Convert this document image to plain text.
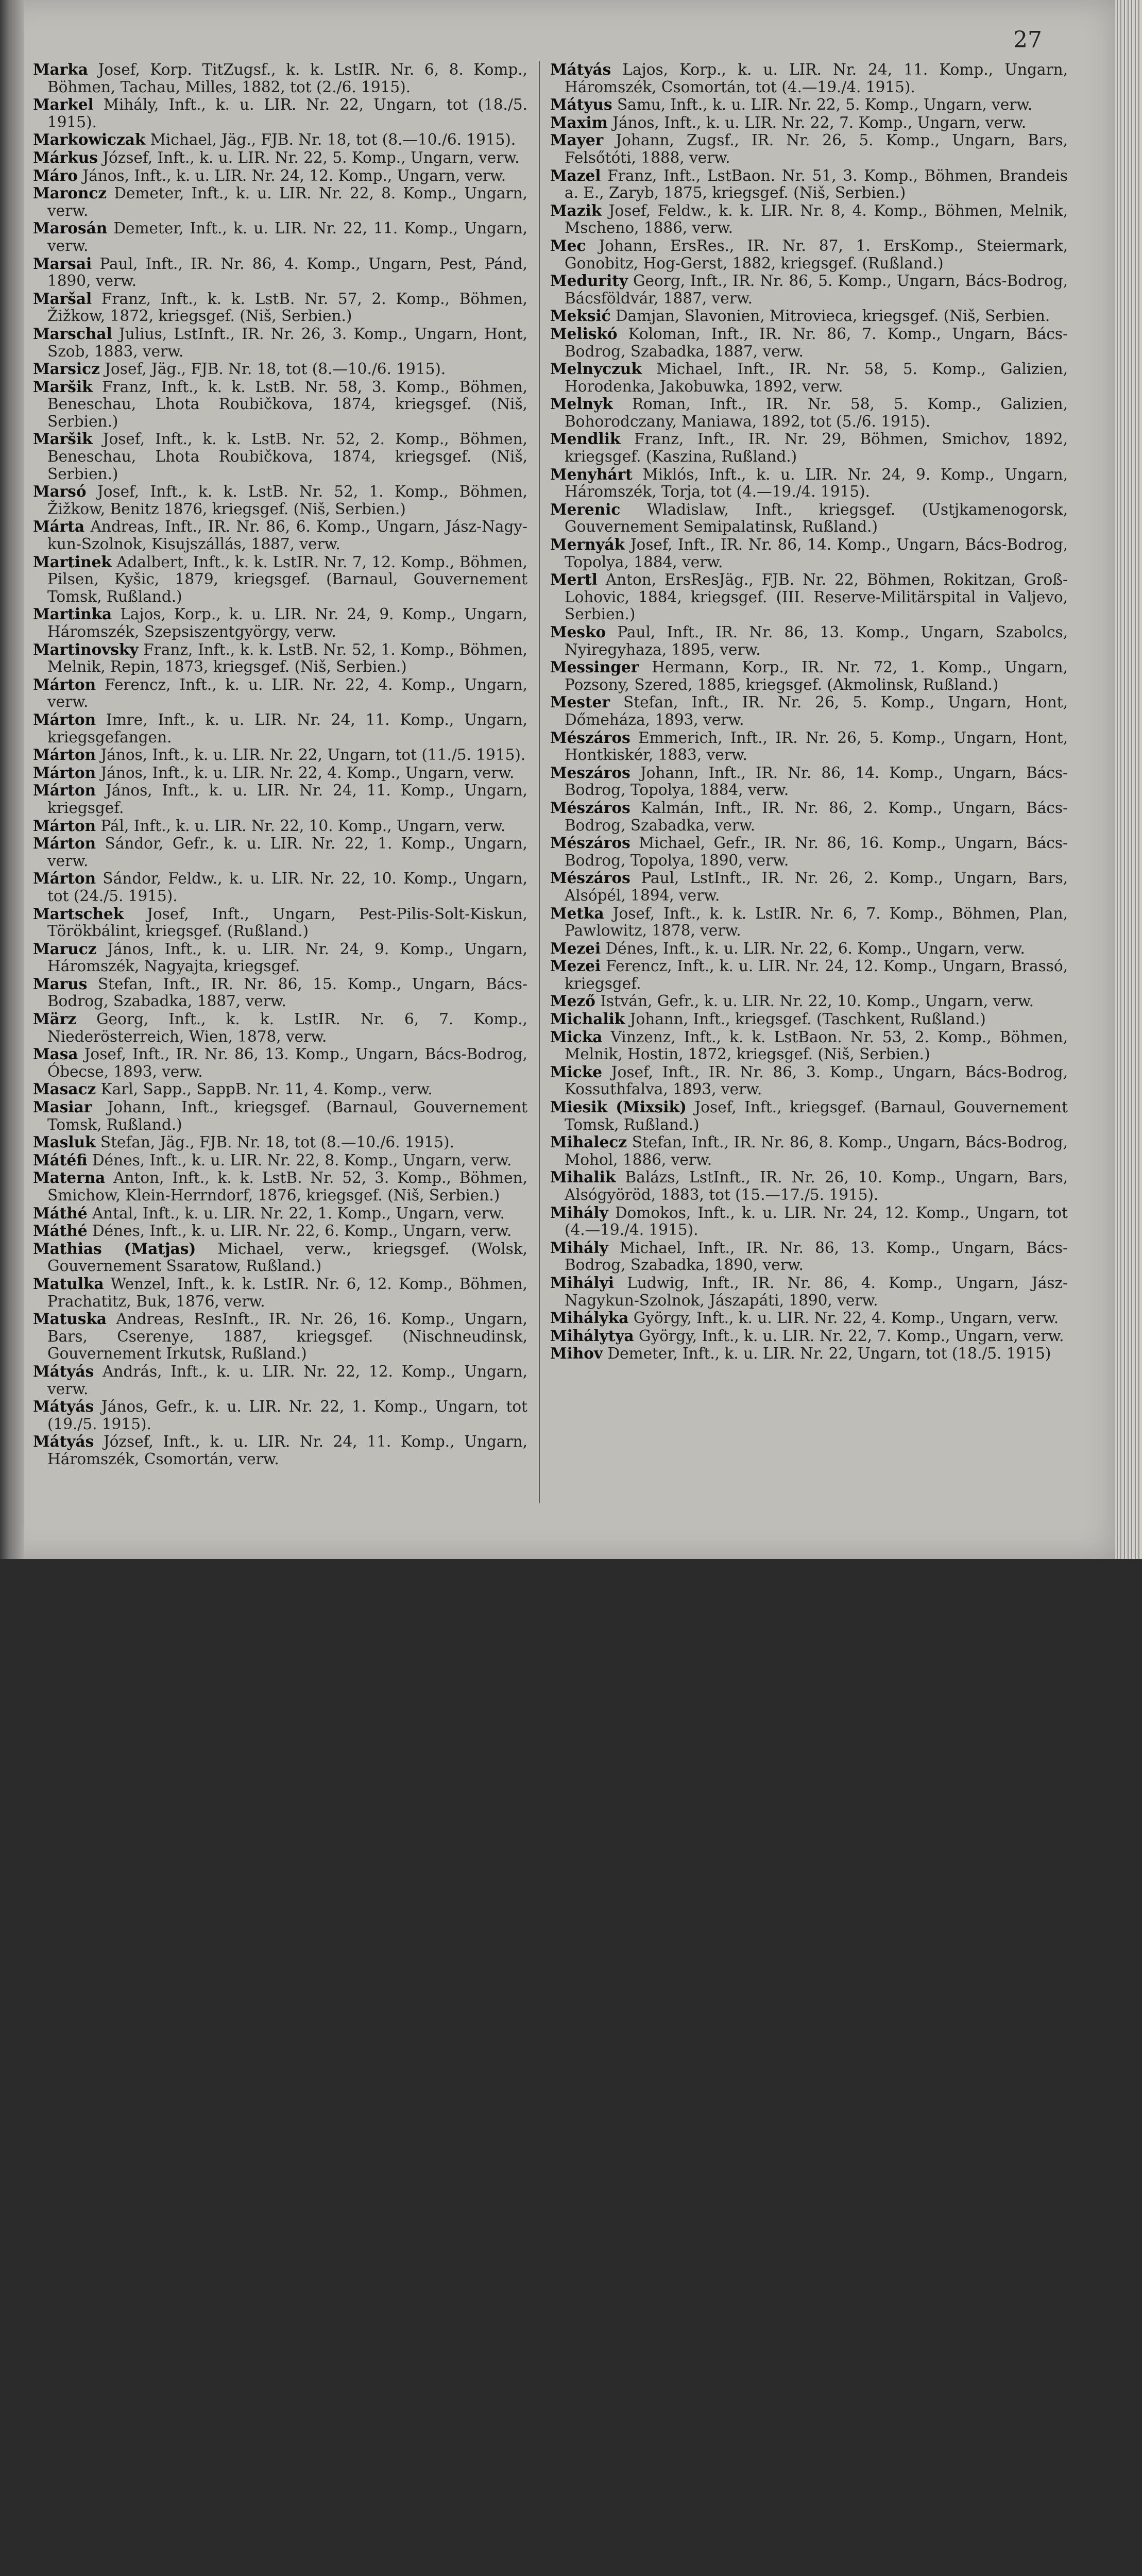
27

Marka Josef, Korp. TitZugsf., k. k. LstIR. Nr. 6, 8. Komp., Böhmen, Tachau, Milles, 1882, tot (2./6. 1915).

Markel Mihály, Inft., k. u. LIR. Nr. 22, Ungarn, tot (18./5. 1915).

Markowiczak Michael, Jäg., FJB. Nr. 18, tot (8.—10./6. 1915).

Márkus József, Inft., k. u. LIR. Nr. 22, 5. Komp., Ungarn, verw.

Máro János, Inft., k. u. LIR. Nr. 24, 12. Komp., Ungarn, verw.

Maroncz Demeter, Inft., k. u. LIR. Nr. 22, 8. Komp., Ungarn, verw.

Marosán Demeter, Inft., k. u. LIR. Nr. 22, 11. Komp., Ungarn, verw.

Marsai Paul, Inft., IR. Nr. 86, 4. Komp., Ungarn, Pest, Pánd, 1890, verw.

Maršal Franz, Inft., k. k. LstB. Nr. 57, 2. Komp., Böhmen, Žižkow, 1872, kriegsgef. (Niš, Serbien.)

Marschal Julius, LstInft., IR. Nr. 26, 3. Komp., Ungarn, Hont, Szob, 1883, verw.

Marsicz Josef, Jäg., FJB. Nr. 18, tot (8.—10./6. 1915).

Maršik Franz, Inft., k. k. LstB. Nr. 58, 3. Komp., Böhmen, Beneschau, Lhota Roubičkova, 1874, kriegsgef. (Niš, Serbien.)

Maršik Josef, Inft., k. k. LstB. Nr. 52, 2. Komp., Böhmen, Beneschau, Lhota Roubičkova, 1874, kriegsgef. (Niš, Serbien.)

Marsó Josef, Inft., k. k. LstB. Nr. 52, 1. Komp., Böhmen, Žižkow, Benitz 1876, kriegsgef. (Niš, Serbien.)

Márta Andreas, Inft., IR. Nr. 86, 6. Komp., Ungarn, Jász-Nagy-kun-Szolnok, Kisujszállás, 1887, verw.

Martinek Adalbert, Inft., k. k. LstIR. Nr. 7, 12. Komp., Böhmen, Pilsen, Kyšic, 1879, kriegsgef. (Barnaul, Gouvernement Tomsk, Rußland.)

Martinka Lajos, Korp., k. u. LIR. Nr. 24, 9. Komp., Ungarn, Háromszék, Szepsiszentgyörgy, verw.

Martinovsky Franz, Inft., k. k. LstB. Nr. 52, 1. Komp., Böhmen, Melnik, Repin, 1873, kriegsgef. (Niš, Serbien.)

Márton Ferencz, Inft., k. u. LIR. Nr. 22, 4. Komp., Ungarn, verw.

Márton Imre, Inft., k. u. LIR. Nr. 24, 11. Komp., Ungarn, kriegsgefangen.

Márton János, Inft., k. u. LIR. Nr. 22, Ungarn, tot (11./5. 1915).

Márton János, Inft., k. u. LIR. Nr. 22, 4. Komp., Ungarn, verw.

Márton János, Inft., k. u. LIR. Nr. 24, 11. Komp., Ungarn, kriegsgef.

Márton Pál, Inft., k. u. LIR. Nr. 22, 10. Komp., Ungarn, verw.

Márton Sándor, Gefr., k. u. LIR. Nr. 22, 1. Komp., Ungarn, verw.

Márton Sándor, Feldw., k. u. LIR. Nr. 22, 10. Komp., Ungarn, tot (24./5. 1915).

Martschek Josef, Inft., Ungarn, Pest-Pilis-Solt-Kiskun, Törökbálint, kriegsgef. (Rußland.)

Marucz János, Inft., k. u. LIR. Nr. 24, 9. Komp., Ungarn, Háromszék, Nagyajta, kriegsgef.

Marus Stefan, Inft., IR. Nr. 86, 15. Komp., Ungarn, Bács-Bodrog, Szabadka, 1887, verw.

März Georg, Inft., k. k. LstIR. Nr. 6, 7. Komp., Niederösterreich, Wien, 1878, verw.

Masa Josef, Inft., IR. Nr. 86, 13. Komp., Ungarn, Bács-Bodrog, Óbecse, 1893, verw.

Masacz Karl, Sapp., SappB. Nr. 11, 4. Komp., verw.

Masiar Johann, Inft., kriegsgef. (Barnaul, Gouvernement Tomsk, Rußland.)

Masluk Stefan, Jäg., FJB. Nr. 18, tot (8.—10./6. 1915).

Mátéfi Dénes, Inft., k. u. LIR. Nr. 22, 8. Komp., Ungarn, verw.

Materna Anton, Inft., k. k. LstB. Nr. 52, 3. Komp., Böhmen, Smichow, Klein-Herrndorf, 1876, kriegsgef. (Niš, Serbien.)

Máthé Antal, Inft., k. u. LIR. Nr. 22, 1. Komp., Ungarn, verw.

Máthé Dénes, Inft., k. u. LIR. Nr. 22, 6. Komp., Ungarn, verw.

Mathias (Matjas) Michael, verw., kriegsgef. (Wolsk, Gouvernement Ssaratow, Rußland.)

Matulka Wenzel, Inft., k. k. LstIR. Nr. 6, 12. Komp., Böhmen, Prachatitz, Buk, 1876, verw.

Matuska Andreas, ResInft., IR. Nr. 26, 16. Komp., Ungarn, Bars, Cserenye, 1887, kriegsgef. (Nischneudinsk, Gouvernement Irkutsk, Rußland.)

Mátyás András, Inft., k. u. LIR. Nr. 22, 12. Komp., Ungarn, verw.

Mátyás János, Gefr., k. u. LIR. Nr. 22, 1. Komp., Ungarn, tot (19./5. 1915).

Mátyás József, Inft., k. u. LIR. Nr. 24, 11. Komp., Ungarn, Háromszék, Csomortán, verw.

Mátyás Lajos, Korp., k. u. LIR. Nr. 24, 11. Komp., Ungarn, Háromszék, Csomortán, tot (4.—19./4. 1915).

Mátyus Samu, Inft., k. u. LIR. Nr. 22, 5. Komp., Ungarn, verw.

Maxim János, Inft., k. u. LIR. Nr. 22, 7. Komp., Ungarn, verw.

Mayer Johann, Zugsf., IR. Nr. 26, 5. Komp., Ungarn, Bars, Felsőtóti, 1888, verw.

Mazel Franz, Inft., LstBaon. Nr. 51, 3. Komp., Böhmen, Brandeis a. E., Zaryb, 1875, kriegsgef. (Niš, Serbien.)

Mazik Josef, Feldw., k. k. LIR. Nr. 8, 4. Komp., Böhmen, Melnik, Mscheno, 1886, verw.

Mec Johann, ErsRes., IR. Nr. 87, 1. ErsKomp., Steiermark, Gonobitz, Hog-Gerst, 1882, kriegsgef. (Rußland.)

Medurity Georg, Inft., IR. Nr. 86, 5. Komp., Ungarn, Bács-Bodrog, Bácsföldvár, 1887, verw.

Meksić Damjan, Slavonien, Mitrovieca, kriegsgef. (Niš, Serbien.

Meliskó Koloman, Inft., IR. Nr. 86, 7. Komp., Ungarn, Bács-Bodrog, Szabadka, 1887, verw.

Melnyczuk Michael, Inft., IR. Nr. 58, 5. Komp., Galizien, Horodenka, Jakobuwka, 1892, verw.

Melnyk Roman, Inft., IR. Nr. 58, 5. Komp., Galizien, Bohorodczany, Maniawa, 1892, tot (5./6. 1915).

Mendlik Franz, Inft., IR. Nr. 29, Böhmen, Smichov, 1892, kriegsgef. (Kaszina, Rußland.)

Menyhárt Miklós, Inft., k. u. LIR. Nr. 24, 9. Komp., Ungarn, Háromszék, Torja, tot (4.—19./4. 1915).

Merenic Wladislaw, Inft., kriegsgef. (Ustjkamenogorsk, Gouvernement Semipalatinsk, Rußland.)

Mernyák Josef, Inft., IR. Nr. 86, 14. Komp., Ungarn, Bács-Bodrog, Topolya, 1884, verw.

Mertl Anton, ErsResJäg., FJB. Nr. 22, Böhmen, Rokitzan, Groß-Lohovic, 1884, kriegsgef. (III. Reserve-Militärspital in Valjevo, Serbien.)

Mesko Paul, Inft., IR. Nr. 86, 13. Komp., Ungarn, Szabolcs, Nyiregyhaza, 1895, verw.

Messinger Hermann, Korp., IR. Nr. 72, 1. Komp., Ungarn, Pozsony, Szered, 1885, kriegsgef. (Akmolinsk, Rußland.)

Mester Stefan, Inft., IR. Nr. 26, 5. Komp., Ungarn, Hont, Dőmeháza, 1893, verw.

Mészáros Emmerich, Inft., IR. Nr. 26, 5. Komp., Ungarn, Hont, Hontkiskér, 1883, verw.

Meszáros Johann, Inft., IR. Nr. 86, 14. Komp., Ungarn, Bács-Bodrog, Topolya, 1884, verw.

Mészáros Kalmán, Inft., IR. Nr. 86, 2. Komp., Ungarn, Bács-Bodrog, Szabadka, verw.

Mészáros Michael, Gefr., IR. Nr. 86, 16. Komp., Ungarn, Bács-Bodrog, Topolya, 1890, verw.

Mészáros Paul, LstInft., IR. Nr. 26, 2. Komp., Ungarn, Bars, Alsópél, 1894, verw.

Metka Josef, Inft., k. k. LstIR. Nr. 6, 7. Komp., Böhmen, Plan, Pawlowitz, 1878, verw.

Mezei Dénes, Inft., k. u. LIR. Nr. 22, 6. Komp., Ungarn, verw.

Mezei Ferencz, Inft., k. u. LIR. Nr. 24, 12. Komp., Ungarn, Brassó, kriegsgef.

Mező István, Gefr., k. u. LIR. Nr. 22, 10. Komp., Ungarn, verw.

Michalik Johann, Inft., kriegsgef. (Taschkent, Rußland.)

Micka Vinzenz, Inft., k. k. LstBaon. Nr. 53, 2. Komp., Böhmen, Melnik, Hostin, 1872, kriegsgef. (Niš, Serbien.)

Micke Josef, Inft., IR. Nr. 86, 3. Komp., Ungarn, Bács-Bodrog, Kossuthfalva, 1893, verw.

Miesik (Mixsik) Josef, Inft., kriegsgef. (Barnaul, Gouvernement Tomsk, Rußland.)

Mihalecz Stefan, Inft., IR. Nr. 86, 8. Komp., Ungarn, Bács-Bodrog, Mohol, 1886, verw.

Mihalik Balázs, LstInft., IR. Nr. 26, 10. Komp., Ungarn, Bars, Alsógyöröd, 1883, tot (15.—17./5. 1915).

Mihály Domokos, Inft., k. u. LIR. Nr. 24, 12. Komp., Ungarn, tot (4.—19./4. 1915).

Mihály Michael, Inft., IR. Nr. 86, 13. Komp., Ungarn, Bács-Bodrog, Szabadka, 1890, verw.

Mihályi Ludwig, Inft., IR. Nr. 86, 4. Komp., Ungarn, Jász-Nagykun-Szolnok, Jászapáti, 1890, verw.

Mihályka György, Inft., k. u. LIR. Nr. 22, 4. Komp., Ungarn, verw.

Mihálytya György, Inft., k. u. LIR. Nr. 22, 7. Komp., Ungarn, verw.

Mihov Demeter, Inft., k. u. LIR. Nr. 22, Ungarn, tot (18./5. 1915)
